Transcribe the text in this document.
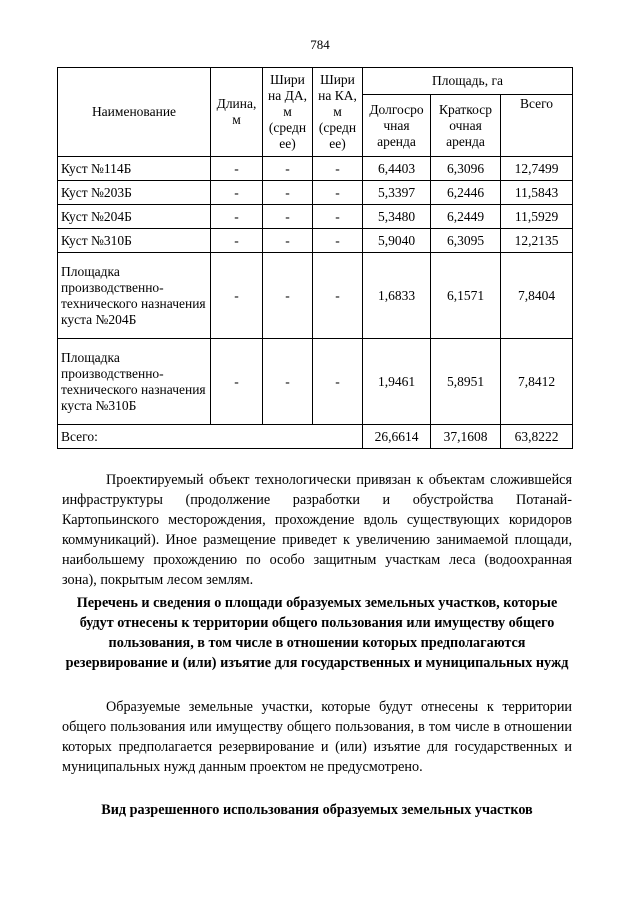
784
Наименование	Длина, м	Шири на ДА, м (средн ее)	Шири на КА, м (средн ее)	Площадь, га		
				Долгосро чная аренда	Краткоср очная аренда	Всего
Куст №114Б	-	-	-	6,4403	6,3096	12,7499
Куст №203Б	-	-	-	5,3397	6,2446	11,5843
Куст №204Б	-	-	-	5,3480	6,2449	11,5929
Куст №310Б	-	-	-	5,9040	6,3095	12,2135
Площадка производственно-технического назначения куста №204Б	-	-	-	1,6833	6,1571	7,8404
Площадка производственно-технического назначения куста №310Б	-	-	-	1,9461	5,8951	7,8412
Всего:				26,6614	37,1608	63,8222
Проектируемый объект технологически привязан к объектам сложившейся инфраструктуры (продолжение разработки и обустройства Потанай-Картопьинского месторождения, прохождение вдоль существующих коридоров коммуникаций). Иное размещение приведет к увеличению занимаемой площади, наибольшему прохождению по особо защитным участкам леса (водоохранная зона), покрытым лесом землям.
Перечень и сведения о площади образуемых земельных участков, которые будут отнесены к территории общего пользования или имуществу общего пользования, в том числе в отношении которых предполагаются резервирование и (или) изъятие для государственных и муниципальных нужд
Образуемые земельные участки, которые будут отнесены к территории общего пользования или имуществу общего пользования, в том числе в отношении которых предполагается резервирование и (или) изъятие для государственных и муниципальных нужд данным проектом не предусмотрено.
Вид разрешенного использования образуемых земельных участков
